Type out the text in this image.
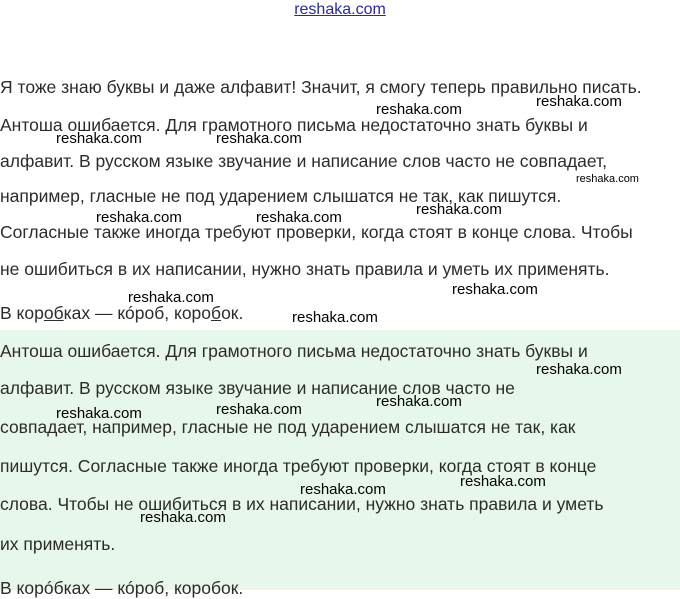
reshaka.com

Я тоже знаю буквы и даже алфавит! Значит, я смогу теперь правильно писать.

Антоша ошибается. Для грамотного письма недостаточно знать буквы и

алфавит. В русском языке звучание и написание слов часто не совпадает,

например, гласные не под ударением слышатся не так, как пишутся.

Согласные также иногда требуют проверки, когда стоят в конце слова. Чтобы

не ошибиться в их написании, нужно знать правила и уметь их применять.

В коробках — кóроб, коробок.

Антоша ошибается. Для грамотного письма недостаточно знать буквы и

алфавит. В русском языке звучание и написание слов часто не

совпадает, например, гласные не под ударением слышатся не так, как

пишутся. Согласные также иногда требуют проверки, когда стоят в конце

слова. Чтобы не ошибиться в их написании, нужно знать правила и уметь

их применять.

В корóбках — кóроб, коробок.

reshaka.com	reshaka.com
reshaka.com	reshaka.com
reshaka.com
reshaka.com	reshaka.com	reshaka.com
reshaka.com
reshaka.com
reshaka.com
reshaka.com
reshaka.com
reshaka.com	reshaka.com
reshaka.com
reshaka.com
reshaka.com
